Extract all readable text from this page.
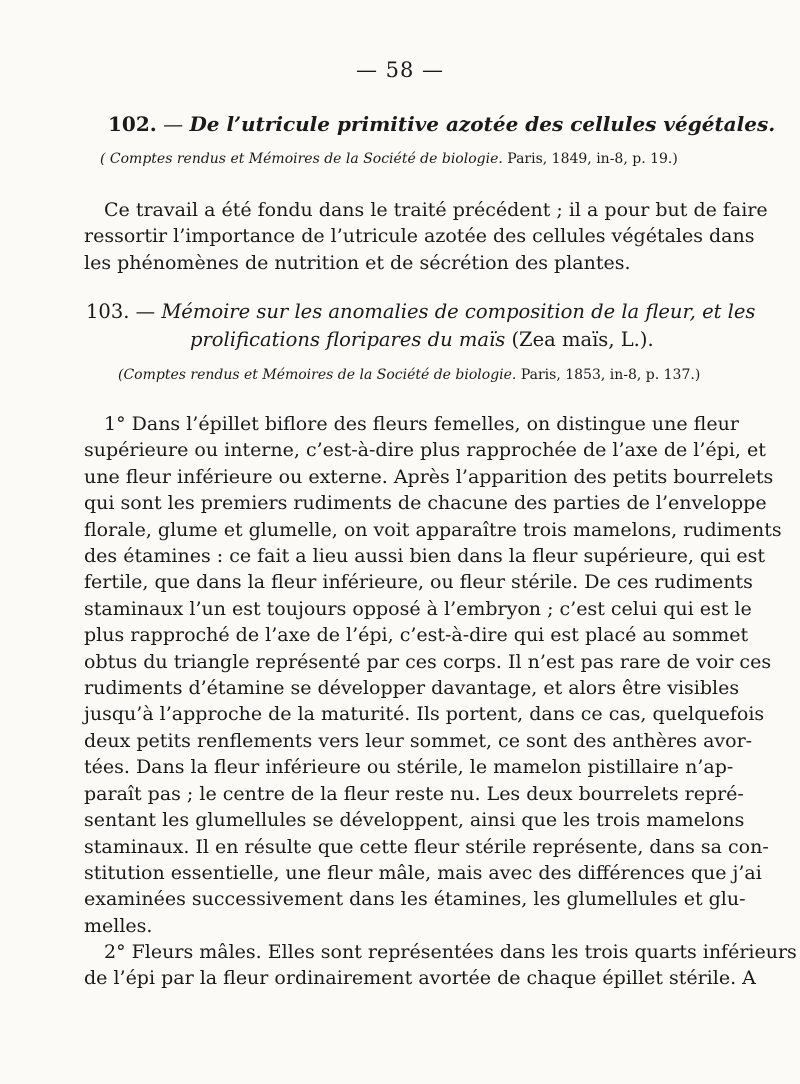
— 58 —
102. — De l’utricule primitive azotée des cellules végétales.
( Comptes rendus et Mémoires de la Société de biologie. Paris, 1849, in-8, p. 19.)
Ce travail a été fondu dans le traité précédent ; il a pour but de faire
ressortir l’importance de l’utricule azotée des cellules végétales dans
les phénomènes de nutrition et de sécrétion des plantes.
103. — Mémoire sur les anomalies de composition de la fleur, et les
prolifications floripares du maïs (Zea maïs, L.).
(Comptes rendus et Mémoires de la Société de biologie. Paris, 1853, in-8, p. 137.)
1° Dans l’épillet biflore des fleurs femelles, on distingue une fleur
supérieure ou interne, c’est-à-dire plus rapprochée de l’axe de l’épi, et
une fleur inférieure ou externe. Après l’apparition des petits bourrelets
qui sont les premiers rudiments de chacune des parties de l’enveloppe
florale, glume et glumelle, on voit apparaître trois mamelons, rudiments
des étamines : ce fait a lieu aussi bien dans la fleur supérieure, qui est
fertile, que dans la fleur inférieure, ou fleur stérile. De ces rudiments
staminaux l’un est toujours opposé à l’embryon ; c’est celui qui est le
plus rapproché de l’axe de l’épi, c’est-à-dire qui est placé au sommet
obtus du triangle représenté par ces corps. Il n’est pas rare de voir ces
rudiments d’étamine se développer davantage, et alors être visibles
jusqu’à l’approche de la maturité. Ils portent, dans ce cas, quelquefois
deux petits renflements vers leur sommet, ce sont des anthères avor-
tées. Dans la fleur inférieure ou stérile, le mamelon pistillaire n’ap-
paraît pas ; le centre de la fleur reste nu. Les deux bourrelets repré-
sentant les glumellules se développent, ainsi que les trois mamelons
staminaux. Il en résulte que cette fleur stérile représente, dans sa con-
stitution essentielle, une fleur mâle, mais avec des différences que j’ai
examinées successivement dans les étamines, les glumellules et glu-
melles.
2° Fleurs mâles. Elles sont représentées dans les trois quarts inférieurs
de l’épi par la fleur ordinairement avortée de chaque épillet stérile. A
